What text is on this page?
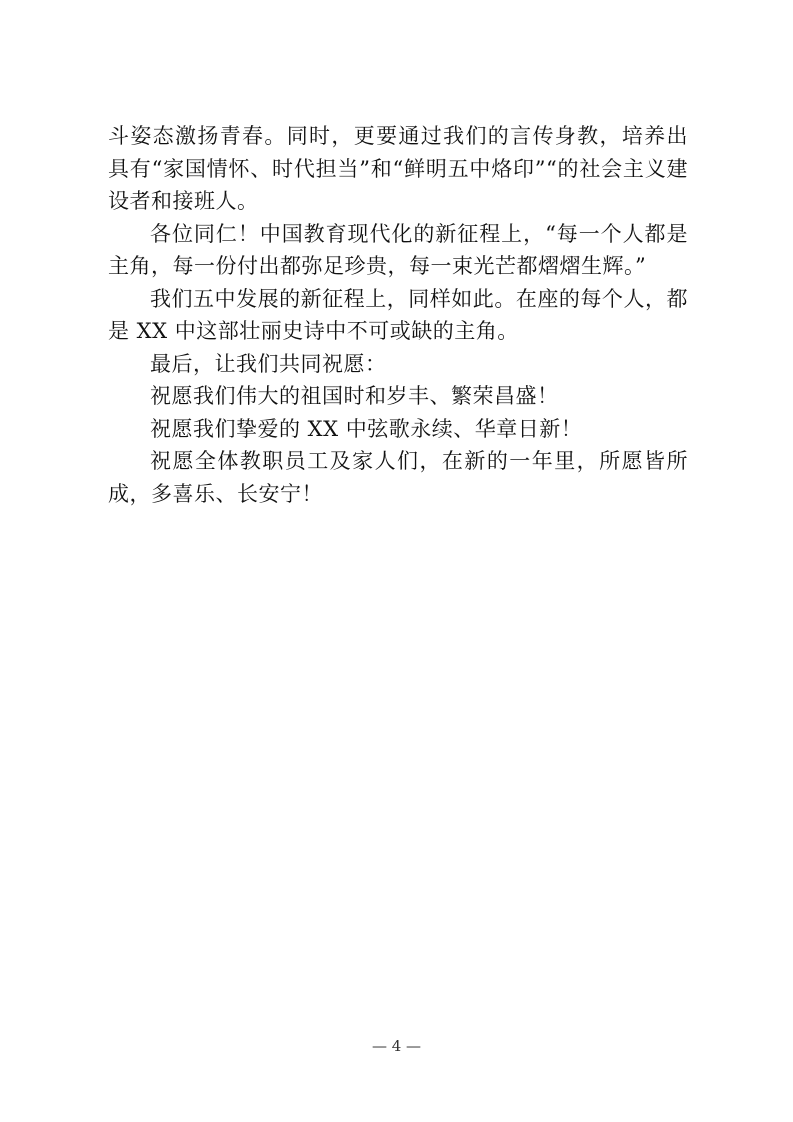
斗姿态激扬青春。同时，更要通过我们的言传身教，培养出具有“家国情怀、时代担当”和“鲜明五中烙印”“的社会主义建设者和接班人。

各位同仁！中国教育现代化的新征程上，“每一个人都是主角，每一份付出都弥足珍贵，每一束光芒都熠熠生辉。”

我们五中发展的新征程上，同样如此。在座的每个人，都是 XX 中这部壮丽史诗中不可或缺的主角。

最后，让我们共同祝愿：

祝愿我们伟大的祖国时和岁丰、繁荣昌盛！

祝愿我们挚爱的 XX 中弦歌永续、华章日新！

祝愿全体教职员工及家人们，在新的一年里，所愿皆所成，多喜乐、长安宁！

— 4 —
